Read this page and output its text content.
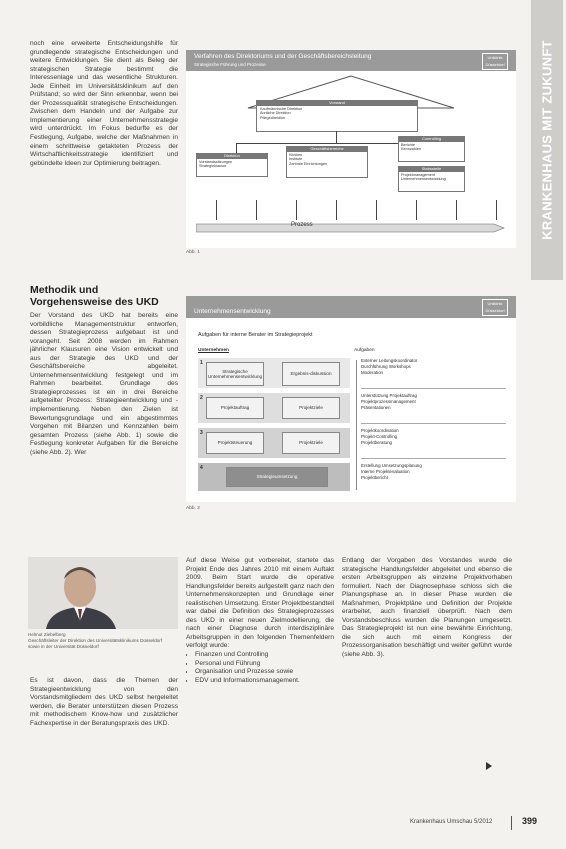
KRANKENHAUS MIT ZUKUNFT

noch eine erweiterte Entscheidungshilfe für grundlegende strategische Entscheidungen und weitere Entwicklungen. Sie dient als Beleg der strategischen Strategie bestimmt die Interessenlage und das wesentliche Strukturen. Jede Einheit im Universitätsklinikum auf den Prüfstand; so wird der Sinn erkennbar, wenn bei der Prozessqualität strategische Entscheidungen. Zwischen dem Handeln und der Aufgabe zur Implementierung einer Unternehmensstrategie wird unterdrückt. Im Fokus bedurfte es der Festlegung, Aufgabe, welche der Maßnahmen in einem schrittweise getakteten Prozess der Wirtschaftlichkeitsstrategie identifiziert und gebündelte Ideen zur Optimierung beitragen.

Methodik und Vorgehensweise des UKD

Der Vorstand des UKD hat bereits eine vorbildliche Managementstruktur entworfen, dessen Strategieprozess aufgebaut ist und vorangeht. Seit 2008 werden im Rahmen jährlicher Klausuren eine Vision entwickelt und aus der Strategie des UKD und der Geschäftsbereiche abgeleitet. Unternehmensentwicklung festgelegt und im Rahmen bearbeitet. Grundlage des Strategieprozesses ist ein in drei Bereiche aufgeteilter Prozess: Strategieentwicklung und -implementierung. Neben den Zielen ist Bewertungsgrundlage und ein abgestimmtes Vorgehen mit Bilanzen und Kennzahlen beim gesamten Prozess (siehe Abb. 1) sowie die Festlegung konkreter Aufgaben für die Bereiche (siehe Abb. 2). Wer

Verfahren des Direktoriums und der Geschäftsbereichsleitung
Strategische Führung und Prozesse
Uniklinik Düsseldorf
Vorstand
Kaufmännische Direktion
Ärztliche Direktion
Pflegedirektion
Direktion
Vorstandssitzungen
Strategieklausur
Geschäftsbereiche
Kliniken
Institute
Zentrale Einrichtungen
Controlling
Berichte
Kennzahlen
Stabsstelle
Projektmanagement
Unternehmensentwicklung
Prozess
Abb. 1
Unternehmensentwicklung
Uniklinik Düsseldorf
Aufgaben für interne Berater im Strategieprojekt
Unternehmen	Aufgaben
1
2
3
4
Strategische Unternehmensentwicklung
Ergebnis-diskussion
Projektauftrag	Projektziele
Projektsteuerung	Projektziele
Strategieumsetzung
Externer Leitungskoordinator
Durchführung Workshops
Moderation
Unterstützung Projektauftrag
Projektprozessmanagement
Präsentationen
Projektkoordination
Projekt-Controlling
Projektberatung
Erstellung Umsetzungsplanung
Interne Projektevaluation
Projektbericht
Abb. 2
Helmut Ziebelberg
Geschäftsleiter der Direktion des Universitätsklinikums Düsseldorf
sowie in der Universität Düsseldorf

Es ist davon, dass die Themen der Strategieentwicklung von den Vorstandsmitgliedern des UKD selbst hergeleitet werden, die Berater unterstützen diesen Prozess mit methodischem Know-how und zusätzlicher Fachexpertise in der Beratungspraxis des UKD.

Auf diese Weise gut vorbereitet, startete das Projekt Ende des Jahres 2010 mit einem Auftakt 2009. Beim Start wurde die operative Handlungsfelder bereits aufgestellt ganz nach den Unternehmenskonzepten und Grundlage einer realistischen Umsetzung. Erster Projektbestandteil war dabei die Definition des Strategieprozesses des UKD in einer neuen Zielmodellierung, die nach einer Diagnose durch interdisziplinäre Arbeitsgruppen in den folgenden Themenfeldern verfolgt wurde:

• Finanzen und Controlling
• Personal und Führung
• Organisation und Prozesse sowie
• EDV und Informationsmanagement.

Entlang der Vorgaben des Vorstandes wurde die strategische Handlungsfelder abgeleitet und ebenso die ersten Arbeitsgruppen als einzelne Projektvorhaben formuliert. Nach der Diagnosephase schloss sich die Planungsphase an. In dieser Phase wurden die Maßnahmen, Projektpläne und Definition der Projekte erarbeitet, auch finanziell überprüft. Nach dem Vorstandsbeschluss wurden die Planungen umgesetzt. Das Strategieprojekt ist nun eine bewährte Einrichtung, die sich auch mit einem Kongress der Prozessorganisation beschäftigt und weiter geführt wurde (siehe Abb. 3).

Krankenhaus Umschau 5/2012	399
